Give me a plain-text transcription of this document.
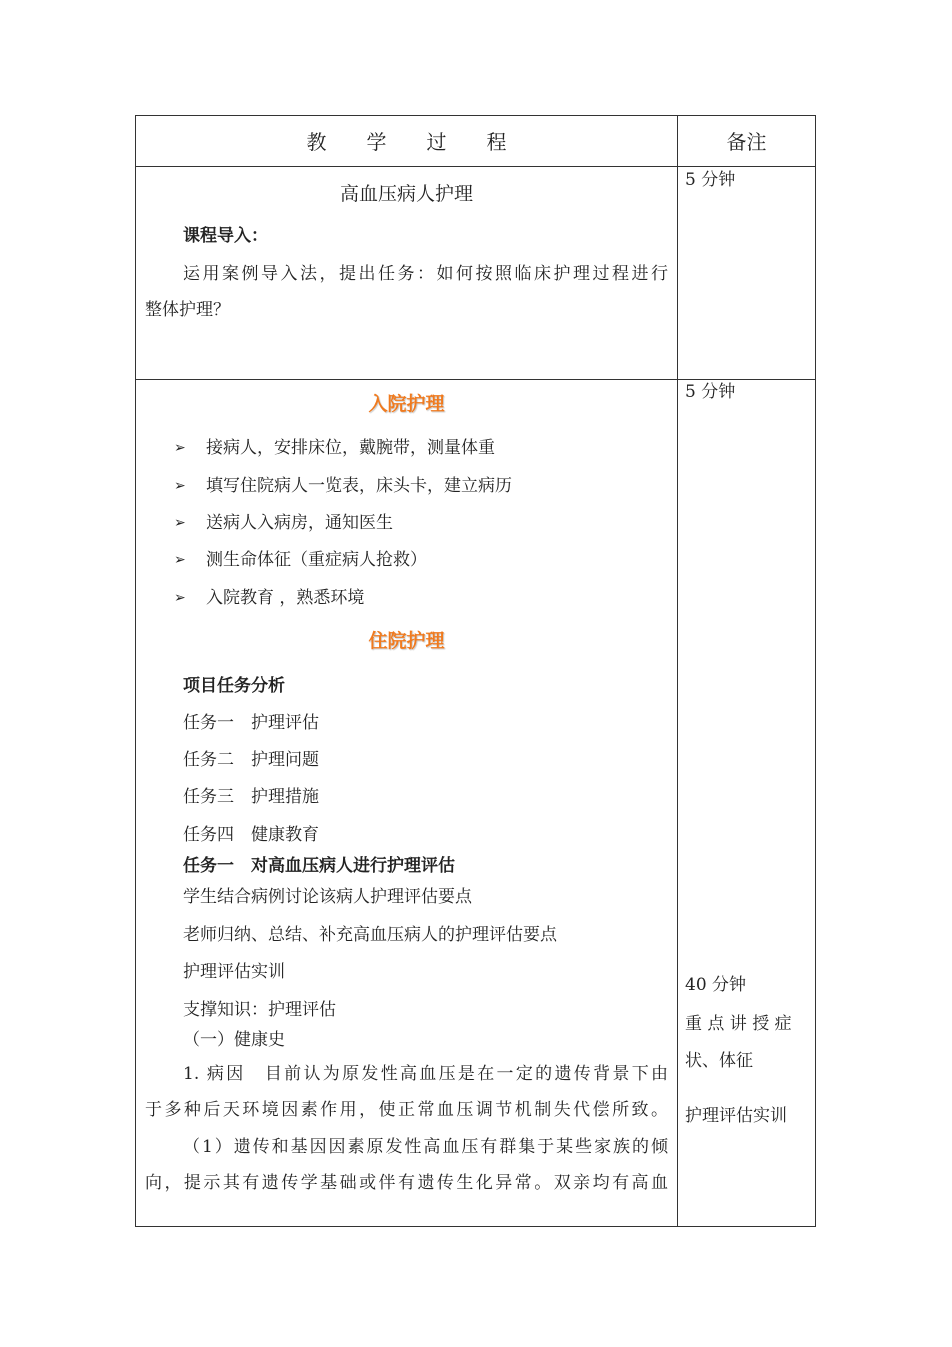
教　　学　　过　　程	备注
高血压病人护理
课程导入：
运用案例导入法，提出任务：如何按照临床护理过程进行
整体护理？
5 分钟
入院护理
➢ 接病人，安排床位，戴腕带，测量体重
➢ 填写住院病人一览表，床头卡，建立病历
➢ 送病人入病房，通知医生
➢ 测生命体征（重症病人抢救）
➢ 入院教育 ，熟悉环境
住院护理
项目任务分析
任务一　护理评估
任务二　护理问题
任务三　护理措施
任务四　健康教育
任务一　对高血压病人进行护理评估
学生结合病例讨论该病人护理评估要点
老师归纳、总结、补充高血压病人的护理评估要点
护理评估实训
支撑知识：护理评估
（一）健康史
1. 病因　目前认为原发性高血压是在一定的遗传背景下由
于多种后天环境因素作用，使正常血压调节机制失代偿所致。
（1）遗传和基因因素原发性高血压有群集于某些家族的倾
向，提示其有遗传学基础或伴有遗传生化异常。双亲均有高血
5 分钟
40 分钟
重 点 讲 授 症
状、体征
护理评估实训
